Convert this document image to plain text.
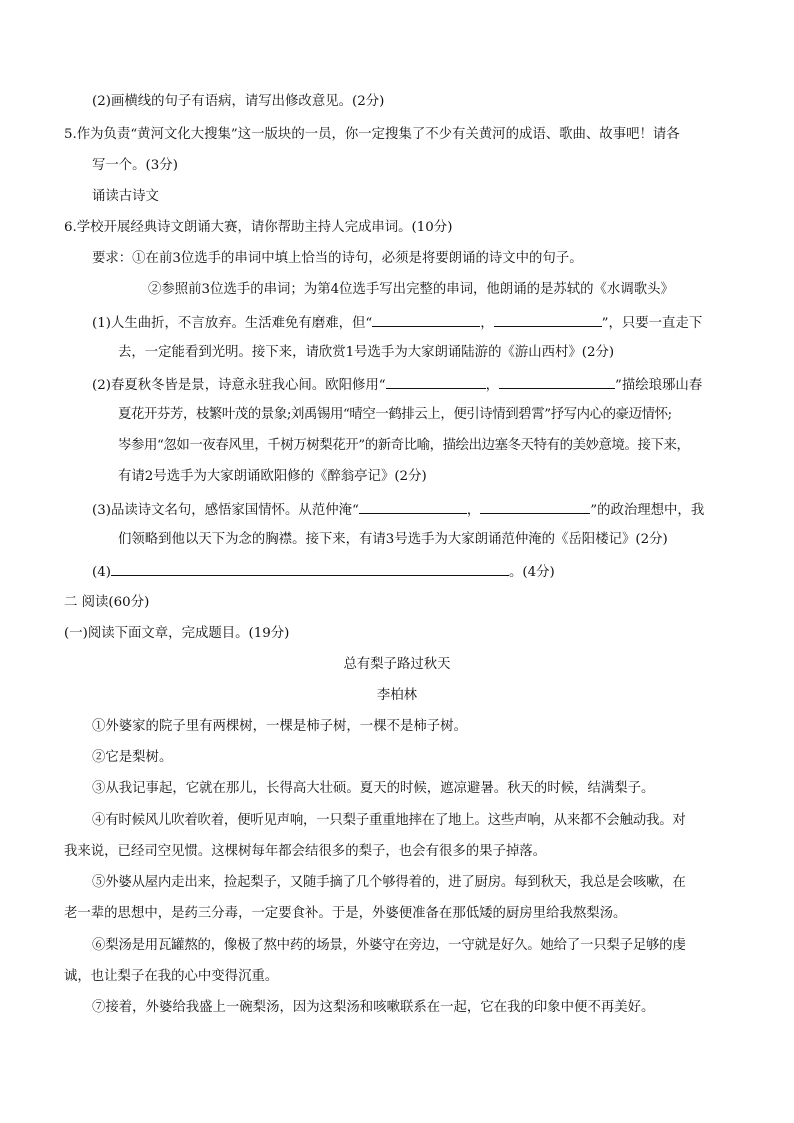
(2)画横线的句子有语病，请写出修改意见。(2分)
5.作为负责“黄河文化大搜集”这一版块的一员，你一定搜集了不少有关黄河的成语、歌曲、故事吧！请各
写一个。(3分)
诵读古诗文
6.学校开展经典诗文朗诵大赛，请你帮助主持人完成串词。(10分)
要求：①在前3位选手的串词中填上恰当的诗句，必须是将要朗诵的诗文中的句子。
②参照前3位选手的串词；为第4位选手写出完整的串词，他朗诵的是苏轼的《水调歌头》
(1)人生曲折，不言放弃。生活难免有磨难，但“	，	”，只要一直走下
去，一定能看到光明。接下来，请欣赏1号选手为大家朗诵陆游的《游山西村》(2分)
(2)春夏秋冬皆是景，诗意永驻我心间。欧阳修用“	，	”描绘琅琊山春
夏花开芬芳，枝繁叶茂的景象;刘禹锡用“晴空一鹤排云上，便引诗情到碧霄”抒写内心的豪迈情怀;
岑参用“忽如一夜春风里，千树万树梨花开”的新奇比喻，描绘出边塞冬天特有的美妙意境。接下来，
有请2号选手为大家朗诵欧阳修的《醉翁亭记》(2分)
(3)品读诗文名句，感悟家国情怀。从范仲淹“	，	”的政治理想中，我
们领略到他以天下为念的胸襟。接下来，有请3号选手为大家朗诵范仲淹的《岳阳楼记》(2分)
(4)	。(4分)
二 阅读(60分)
(一)阅读下面文章，完成题目。(19分)
总有梨子路过秋天
李柏林
①外婆家的院子里有两棵树，一棵是柿子树，一棵不是柿子树。
②它是梨树。
③从我记事起，它就在那儿，长得高大壮硕。夏天的时候，遮凉避暑。秋天的时候，结满梨子。
④有时候风儿吹着吹着，便听见声响，一只梨子重重地摔在了地上。这些声响，从来都不会触动我。对
我来说，已经司空见惯。这棵树每年都会结很多的梨子，也会有很多的果子掉落。
⑤外婆从屋内走出来，捡起梨子，又随手摘了几个够得着的，进了厨房。每到秋天，我总是会咳嗽，在
老一辈的思想中，是药三分毒，一定要食补。于是，外婆便准备在那低矮的厨房里给我熬梨汤。
⑥梨汤是用瓦罐熬的，像极了熬中药的场景，外婆守在旁边，一守就是好久。她给了一只梨子足够的虔
诚，也让梨子在我的心中变得沉重。
⑦接着，外婆给我盛上一碗梨汤，因为这梨汤和咳嗽联系在一起，它在我的印象中便不再美好。
